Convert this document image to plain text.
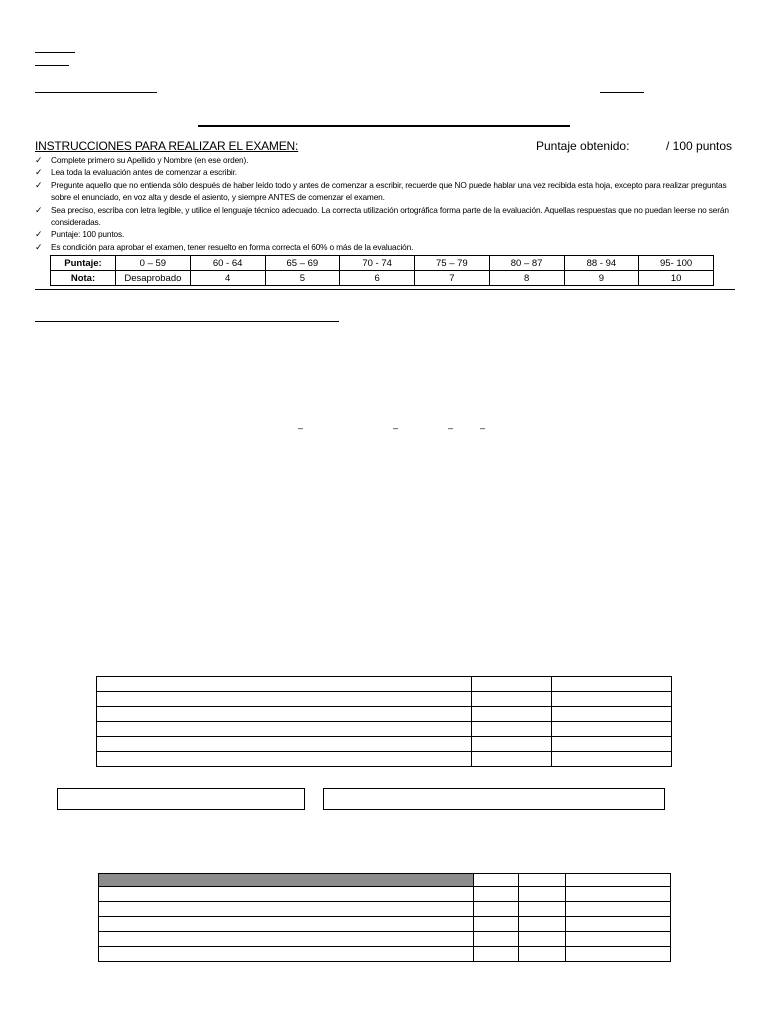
INSTRUCCIONES PARA REALIZAR EL EXAMEN:	Puntaje obtenido:	/ 100 puntos
✓ Complete primero su Apellido y Nombre (en ese orden).
✓ Lea toda la evaluación antes de comenzar a escribir.
✓ Pregunte aquello que no entienda sólo después de haber leído todo y antes de comenzar a escribir, recuerde que NO puede hablar una vez recibida esta hoja, excepto para realizar preguntas sobre el enunciado, en voz alta y desde el asiento, y siempre ANTES de comenzar el examen.
✓ Sea preciso, escriba con letra legible, y utilice el lenguaje técnico adecuado. La correcta utilización ortográfica forma parte de la evaluación. Aquellas respuestas que no puedan leerse no serán consideradas.
✓ Puntaje: 100 puntos.
✓ Es condición para aprobar el examen, tener resuelto en forma correcta el 60% o más de la evaluación.
Puntaje:	0 – 59	60 - 64	65 – 69	70 - 74	75 – 79	80 – 87	88 - 94	95- 100
Nota:	Desaprobado	4	5	6	7	8	9	10
–	–	–	–
